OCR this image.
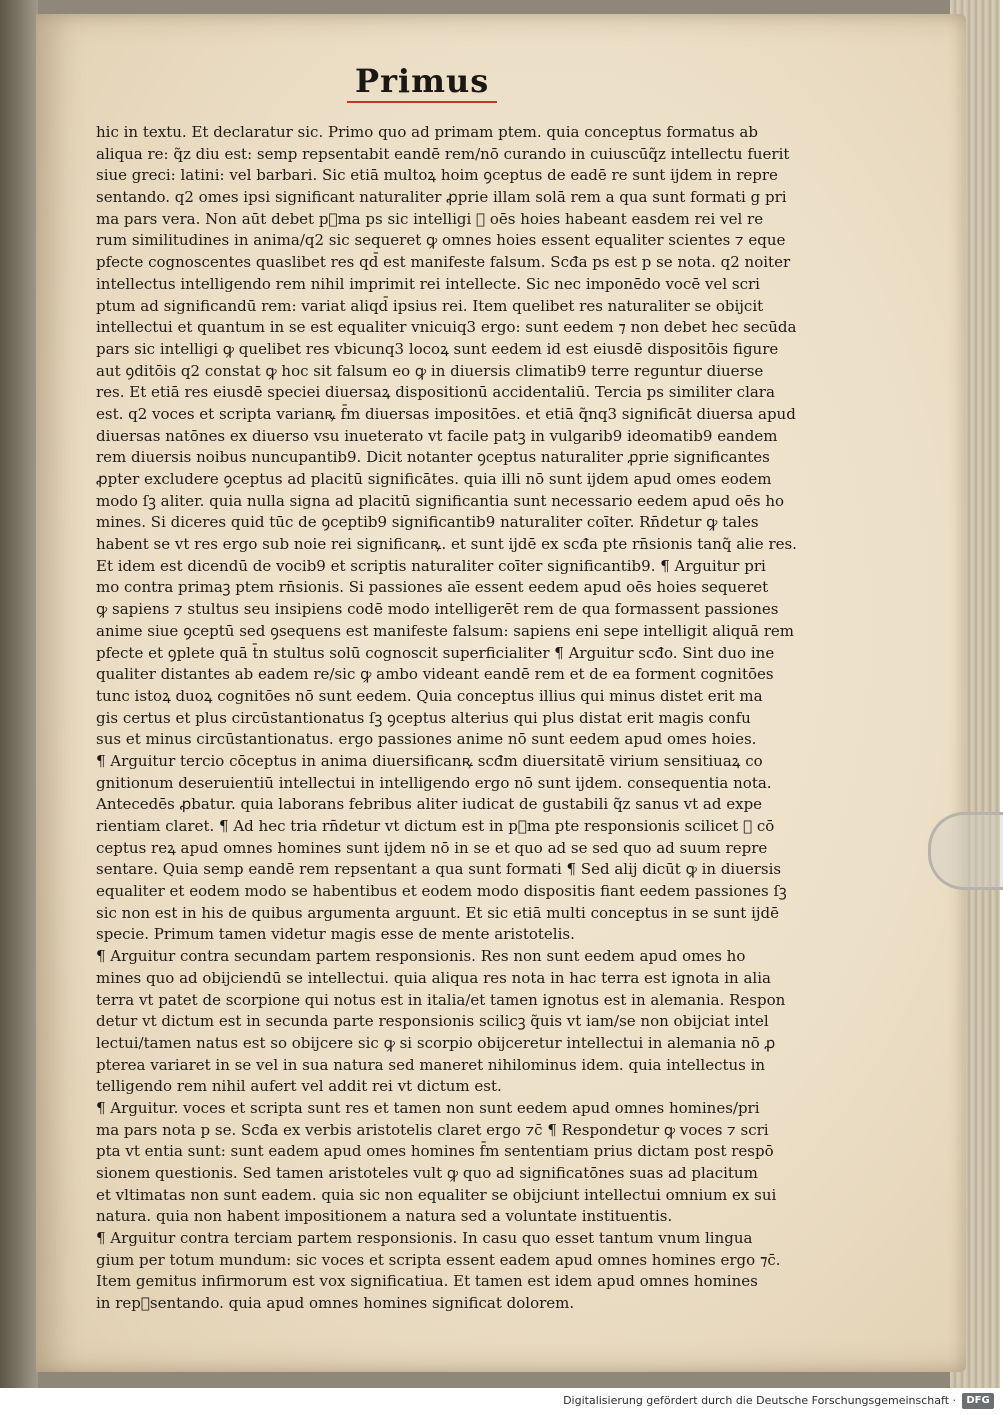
Primus
hic in textu. Et declaratur sic. Primo quo ad primam ptem. quia conceptus formatus ab
aliqua re: q̃z diu est: semp repsentabit eandē rem/nō curando in cuiuscūq̃z intellectu fuerit
siue greci: latini: vel barbari. Sic etiā multoꝝ hoim ꝯceptus de eadē re sunt ijdem in repre
sentando. q2 omes ipsi significant naturaliter ꝓprie illam solā rem a qua sunt formati g pri
ma pars vera. Non aūt debet pᷣma ps sic intelligi ꝙ oēs hoies habeant easdem rei vel re
rum similitudines in anima/q2 sic sequeret ꝙ omnes hoies essent equaliter scientes ⁊ eque
pfecte cognoscentes quaslibet res qd̄ est manifeste falsum. Scđa ps est p se nota. q2 noiter
intellectus intelligendo rem nihil imprimit rei intellecte. Sic nec imponēdo vocē vel scri
ptum ad significandū rem: variat aliqd̄ ipsius rei. Item quelibet res naturaliter se obijcit
intellectui et quantum in se est equaliter vnicuiq3 ergo: sunt eedem ⁊ non debet hec secūda
pars sic intelligi ꝙ quelibet res vbicunq3 locoꝝ sunt eedem id est eiusdē dispositōis figure
aut ꝯditōis q2 constat ꝙ hoc sit falsum eo ꝙ in diuersis climatib9 terre reguntur diuerse
res. Et etiā res eiusdē speciei diuersaꝝ dispositionū accidentaliū. Tercia ps similiter clara
est. q2 voces et scripta varianꝶ f̄m diuersas impositōes. et etiā q̃nq3 significāt diuersa apud
diuersas natōnes ex diuerso vsu inueterato vt facile patꝫ in vulgarib9 ideomatib9 eandem
rem diuersis noibus nuncupantib9. Dicit notanter ꝯceptus naturaliter ꝓprie significantes
ꝓpter excludere ꝯceptus ad placitū significātes. quia illi nō sunt ijdem apud omes eodem
modo ſꝫ aliter. quia nulla signa ad placitū significantia sunt necessario eedem apud oēs ho
mines. Si diceres quid tūc de ꝯceptib9 significantib9 naturaliter coīter. Rn̄detur ꝙ tales
habent se vt res ergo sub noie rei significanꝶ. et sunt ijdē ex scđa pte rn̄sionis tanq̃ alie res.
Et idem est dicendū de vocib9 et scriptis naturaliter coīter significantib9. ¶ Arguitur pri
mo contra primaꝫ ptem rn̄sionis. Si passiones aīe essent eedem apud oēs hoies sequeret
ꝙ sapiens ⁊ stultus seu insipiens codē modo intelligerēt rem de qua formassent passiones
anime siue ꝯceptū sed ꝯsequens est manifeste falsum: sapiens eni sepe intelligit aliquā rem
pfecte et ꝯplete quā t̄n stultus solū cognoscit superficialiter ¶ Arguitur scđo. Sint duo ine
qualiter distantes ab eadem re/sic ꝙ ambo videant eandē rem et de ea forment cognitōes
tunc istoꝝ duoꝝ cognitōes nō sunt eedem. Quia conceptus illius qui minus distet erit ma
gis certus et plus circūstantionatus ſꝫ ꝯceptus alterius qui plus distat erit magis confu
sus et minus circūstantionatus. ergo passiones anime nō sunt eedem apud omes hoies.
¶ Arguitur tercio cōceptus in anima diuersificanꝶ scđm diuersitatē virium sensitiuaꝝ co
gnitionum deseruientiū intellectui in intelligendo ergo nō sunt ijdem. consequentia nota.
Antecedēs ꝓbatur. quia laborans febribus aliter iudicat de gustabili q̃z sanus vt ad expe
rientiam claret. ¶ Ad hec tria rn̄detur vt dictum est in pᷣma pte responsionis scilicet ꝙ cō
ceptus reꝝ apud omnes homines sunt ijdem nō in se et quo ad se sed quo ad suum repre
sentare. Quia semp eandē rem repsentant a qua sunt formati ¶ Sed alij dicūt ꝙ in diuersis
equaliter et eodem modo se habentibus et eodem modo dispositis fiant eedem passiones ſꝫ
sic non est in his de quibus argumenta arguunt. Et sic etiā multi conceptus in se sunt ijdē
specie. Primum tamen videtur magis esse de mente aristotelis.
¶ Arguitur contra secundam partem responsionis. Res non sunt eedem apud omes ho
mines quo ad obijciendū se intellectui. quia aliqua res nota in hac terra est ignota in alia
terra vt patet de scorpione qui notus est in italia/et tamen ignotus est in alemania. Respon
detur vt dictum est in secunda parte responsionis scilicꝫ q̃uis vt iam/se non obijciat intel
lectui/tamen natus est so obijcere sic ꝙ si scorpio obijceretur intellectui in alemania nō ꝓ
pterea variaret in se vel in sua natura sed maneret nihilominus idem. quia intellectus in
telligendo rem nihil aufert vel addit rei vt dictum est.
¶ Arguitur. voces et scripta sunt res et tamen non sunt eedem apud omnes homines/pri
ma pars nota p se. Scđa ex verbis aristotelis claret ergo ⁊c̄ ¶ Respondetur ꝙ voces ⁊ scri
pta vt entia sunt: sunt eadem apud omes homines f̄m sententiam prius dictam post respō
sionem questionis. Sed tamen aristoteles vult ꝙ quo ad significatōnes suas ad placitum
et vltimatas non sunt eadem. quia sic non equaliter se obijciunt intellectui omnium ex sui
natura. quia non habent impositionem a natura sed a voluntate instituentis.
¶ Arguitur contra terciam partem responsionis. In casu quo esset tantum vnum lingua
gium per totum mundum: sic voces et scripta essent eadem apud omnes homines ergo ⁊c̄.
Item gemitus infirmorum est vox significatiua. Et tamen est idem apud omnes homines
in repᷣsentando. quia apud omnes homines significat dolorem.
Digitalisierung gefördert durch die Deutsche Forschungsgemeinschaft ·	DFG
